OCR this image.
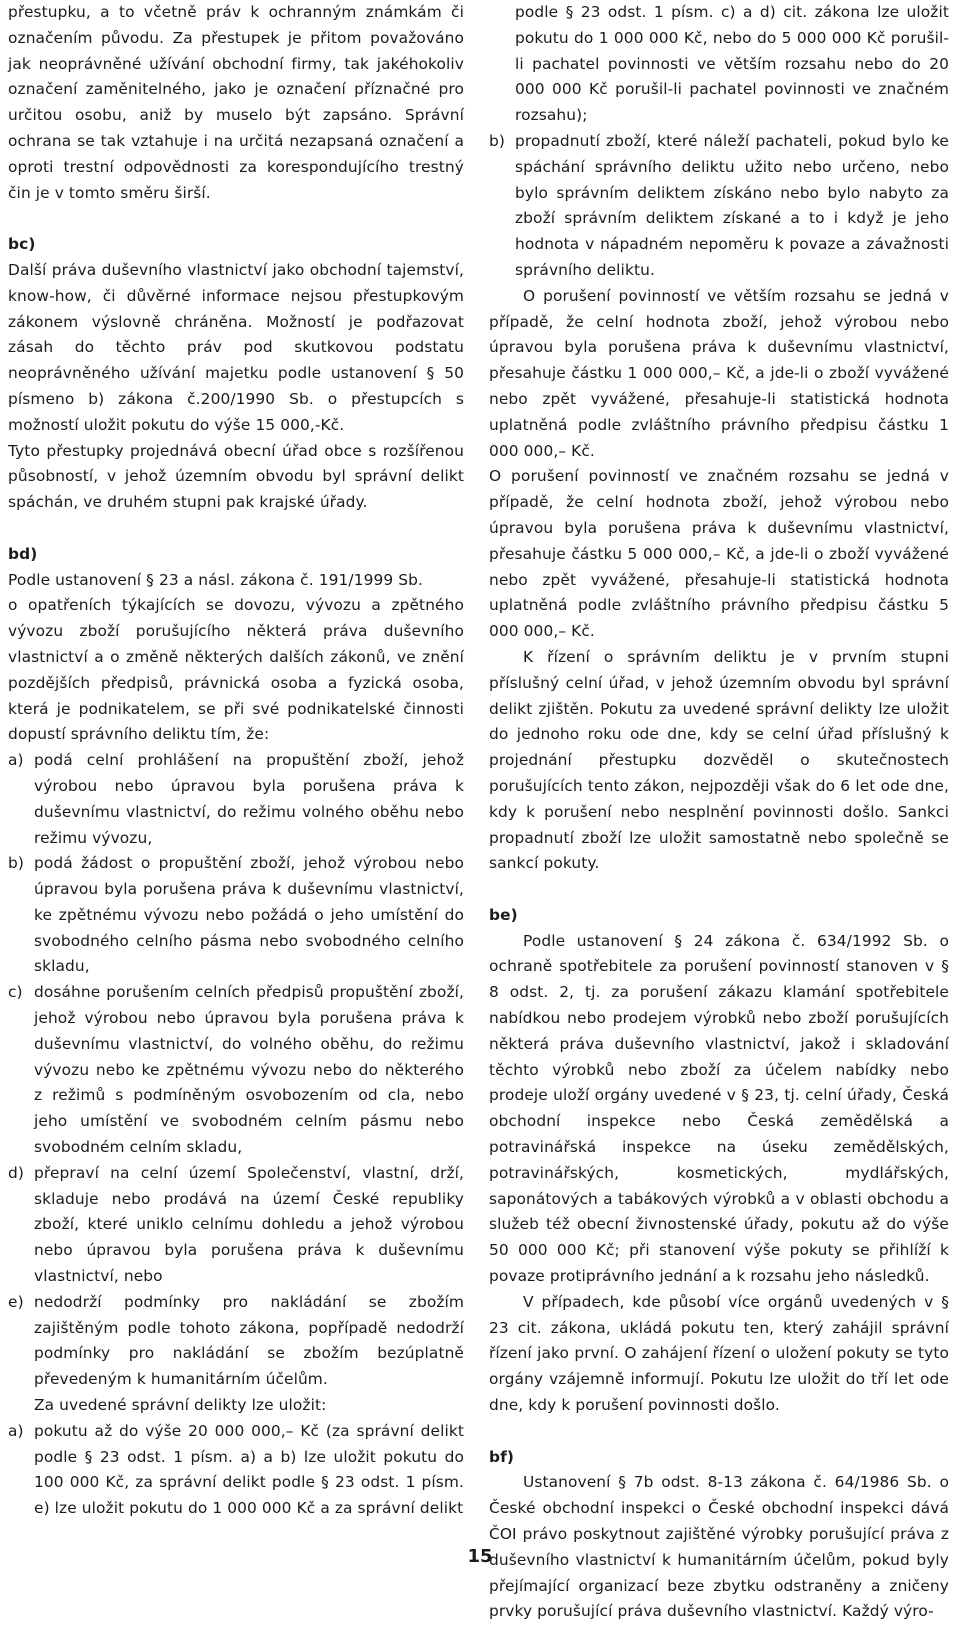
přestupku, a to včetně práv k ochranným známkám či označením původu. Za přestupek je přitom považováno jak neoprávněné užívání obchodní firmy, tak jakéhokoliv označení zaměnitelného, jako je označení příznačné pro určitou osobu, aniž by muselo být zapsáno. Správní ochrana se tak vztahuje i na určitá nezapsaná označení a oproti trestní odpovědnosti za korespondujícího trestný čin je v tomto směru širší.

bc)

Další práva duševního vlastnictví jako obchodní tajemství, know-how, či důvěrné informace nejsou přestupkovým zákonem výslovně chráněna. Možností je podřazovat zásah do těchto práv pod skutkovou podstatu neoprávněného užívání majetku podle ustanovení § 50 písmeno b) zákona č.200/1990 Sb. o přestupcích s možností uložit pokutu do výše 15 000,-Kč.

Tyto přestupky projednává obecní úřad obce s rozšířenou působností, v jehož územním obvodu byl správní delikt spáchán, ve druhém stupni pak krajské úřady.

bd)

Podle ustanovení § 23 a násl. zákona č. 191/1999 Sb.

o opatřeních týkajících se dovozu, vývozu a zpětného vývozu zboží porušujícího některá práva duševního vlastnictví a o změně některých dalších zákonů, ve znění pozdějších předpisů, právnická osoba a fyzická osoba, která je podnikatelem, se při své podnikatelské činnosti dopustí správního deliktu tím, že:

a) podá celní prohlášení na propuštění zboží, jehož výrobou nebo úpravou byla porušena práva k duševnímu vlastnictví, do režimu volného oběhu nebo režimu vývozu,

b) podá žádost o propuštění zboží, jehož výrobou nebo úpravou byla porušena práva k duševnímu vlastnictví, ke zpětnému vývozu nebo požádá o jeho umístění do svobodného celního pásma nebo svobodného celního skladu,

c) dosáhne porušením celních předpisů propuštění zboží, jehož výrobou nebo úpravou byla porušena práva k duševnímu vlastnictví, do volného oběhu, do režimu vývozu nebo ke zpětnému vývozu nebo do některého z režimů s podmíněným osvobozením od cla, nebo jeho umístění ve svobodném celním pásmu nebo svobodném celním skladu,

d) přepraví na celní území Společenství, vlastní, drží, skladuje nebo prodává na území České republiky zboží, které uniklo celnímu dohledu a jehož výrobou nebo úpravou byla porušena práva k duševnímu vlastnictví, nebo

e) nedodrží podmínky pro nakládání se zbožím zajištěným podle tohoto zákona, popřípadě nedodrží podmínky pro nakládání se zbožím bezúplatně převedeným k humanitárním účelům.

Za uvedené správní delikty lze uložit:

a) pokutu až do výše 20 000 000,– Kč (za správní delikt podle § 23 odst. 1 písm. a) a b) lze uložit pokutu do 100 000 Kč, za správní delikt podle § 23 odst. 1 písm. e) lze uložit pokutu do 1 000 000 Kč a za správní delikt

podle § 23 odst. 1 písm. c) a d) cit. zákona lze uložit pokutu do 1 000 000 Kč, nebo do 5 000 000 Kč porušil-li pachatel povinnosti ve větším rozsahu nebo do 20 000 000 Kč porušil-li pachatel povinnosti ve značném rozsahu);

b) propadnutí zboží, které náleží pachateli, pokud bylo ke spáchání správního deliktu užito nebo určeno, nebo bylo správním deliktem získáno nebo bylo nabyto za zboží správním deliktem získané a to i když je jeho hodnota v nápadném nepoměru k povaze a závažnosti správního deliktu.

O porušení povinností ve větším rozsahu se jedná v případě, že celní hodnota zboží, jehož výrobou nebo úpravou byla porušena práva k duševnímu vlastnictví, přesahuje částku 1 000 000,– Kč, a jde-li o zboží vyvážené nebo zpět vyvážené, přesahuje-li statistická hodnota uplatněná podle zvláštního právního předpisu částku 1 000 000,– Kč.

O porušení povinností ve značném rozsahu se jedná v případě, že celní hodnota zboží, jehož výrobou nebo úpravou byla porušena práva k duševnímu vlastnictví, přesahuje částku 5 000 000,– Kč, a jde-li o zboží vyvážené nebo zpět vyvážené, přesahuje-li statistická hodnota uplatněná podle zvláštního právního předpisu částku 5 000 000,– Kč.

K řízení o správním deliktu je v prvním stupni příslušný celní úřad, v jehož územním obvodu byl správní delikt zjištěn. Pokutu za uvedené správní delikty lze uložit do jednoho roku ode dne, kdy se celní úřad příslušný k projednání přestupku dozvěděl o skutečnostech porušujících tento zákon, nejpozději však do 6 let ode dne, kdy k porušení nebo nesplnění povinnosti došlo. Sankci propadnutí zboží lze uložit samostatně nebo společně se sankcí pokuty.

be)

Podle ustanovení § 24 zákona č. 634/1992 Sb. o ochraně spotřebitele za porušení povinností stanoven v § 8 odst. 2, tj. za porušení zákazu klamání spotřebitele nabídkou nebo prodejem výrobků nebo zboží porušujících některá práva duševního vlastnictví, jakož i skladování těchto výrobků nebo zboží za účelem nabídky nebo prodeje uloží orgány uvedené v § 23, tj. celní úřady, Česká obchodní inspekce nebo Česká zemědělská a potravinářská inspekce na úseku zemědělských, potravinářských, kosmetických, mydlářských, saponátových a tabákových výrobků a v oblasti obchodu a služeb též obecní živnostenské úřady, pokutu až do výše 50 000 000 Kč; při stanovení výše pokuty se přihlíží k povaze protiprávního jednání a k rozsahu jeho následků.

V případech, kde působí více orgánů uvedených v § 23 cit. zákona, ukládá pokutu ten, který zahájil správní řízení jako první. O zahájení řízení o uložení pokuty se tyto orgány vzájemně informují. Pokutu lze uložit do tří let ode dne, kdy k porušení povinnosti došlo.

bf)

Ustanovení § 7b odst. 8-13 zákona č. 64/1986 Sb. o České obchodní inspekci o České obchodní inspekci dává ČOI právo poskytnout zajištěné výrobky porušující práva z duševního vlastnictví k humanitárním účelům, pokud byly přejímající organizací beze zbytku odstraněny a zničeny prvky porušující práva duševního vlastnictví. Každý výro-

15
